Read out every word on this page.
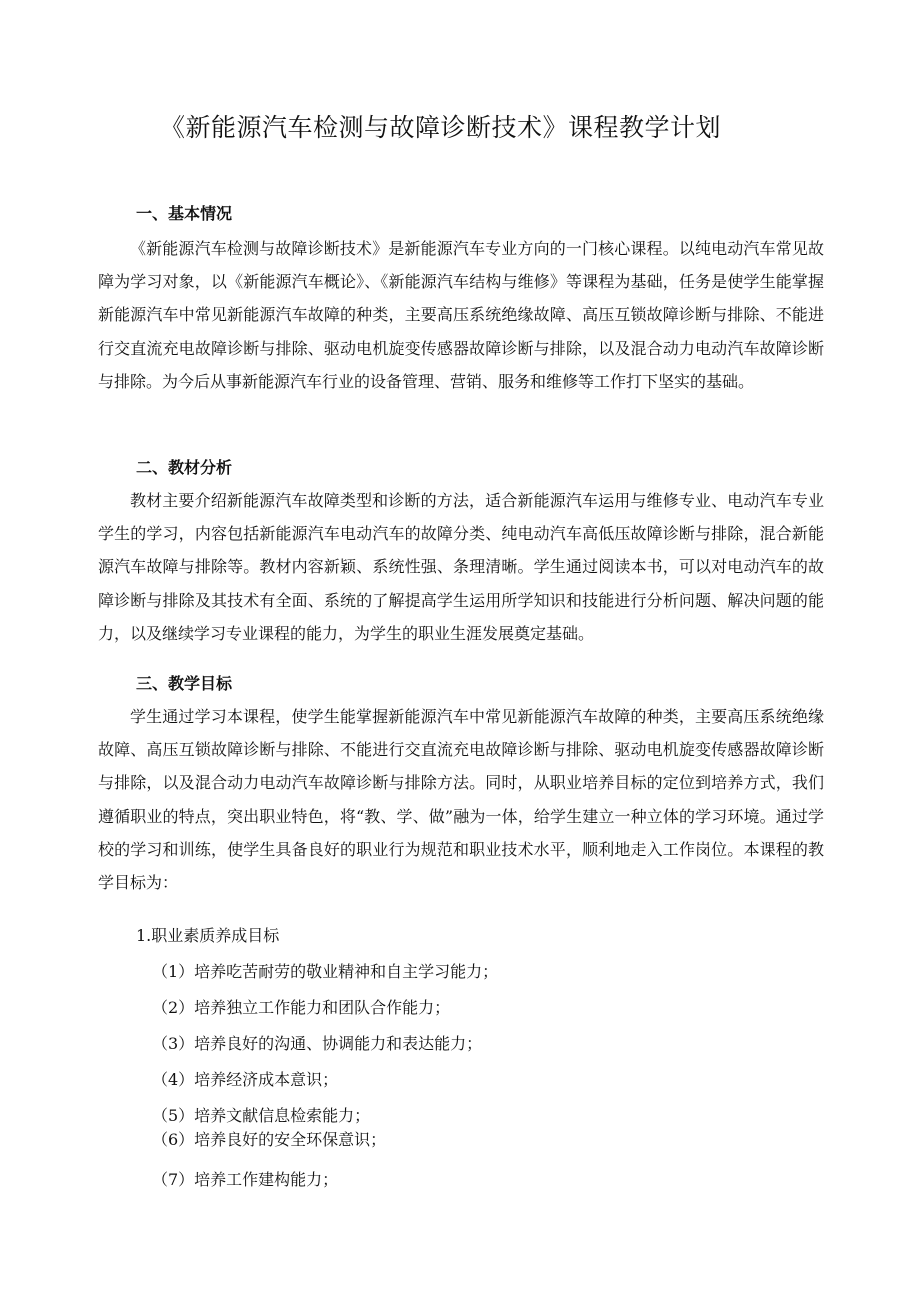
《新能源汽车检测与故障诊断技术》课程教学计划
一、基本情况

《新能源汽车检测与故障诊断技术》是新能源汽车专业方向的一门核心课程。以纯电动汽车常见故障为学习对象，以《新能源汽车概论》、《新能源汽车结构与维修》等课程为基础，任务是使学生能掌握新能源汽车中常见新能源汽车故障的种类，主要高压系统绝缘故障、高压互锁故障诊断与排除、不能进行交直流充电故障诊断与排除、驱动电机旋变传感器故障诊断与排除，以及混合动力电动汽车故障诊断与排除。为今后从事新能源汽车行业的设备管理、营销、服务和维修等工作打下坚实的基础。

二、教材分析

教材主要介绍新能源汽车故障类型和诊断的方法，适合新能源汽车运用与维修专业、电动汽车专业学生的学习，内容包括新能源汽车电动汽车的故障分类、纯电动汽车高低压故障诊断与排除，混合新能源汽车故障与排除等。教材内容新颖、系统性强、条理清晰。学生通过阅读本书，可以对电动汽车的故障诊断与排除及其技术有全面、系统的了解提高学生运用所学知识和技能进行分析问题、解决问题的能力，以及继续学习专业课程的能力，为学生的职业生涯发展奠定基础。

三、教学目标

学生通过学习本课程，使学生能掌握新能源汽车中常见新能源汽车故障的种类，主要高压系统绝缘故障、高压互锁故障诊断与排除、不能进行交直流充电故障诊断与排除、驱动电机旋变传感器故障诊断与排除，以及混合动力电动汽车故障诊断与排除方法。同时，从职业培养目标的定位到培养方式，我们遵循职业的特点，突出职业特色，将“教、学、做”融为一体，给学生建立一种立体的学习环境。通过学校的学习和训练，使学生具备良好的职业行为规范和职业技术水平，顺利地走入工作岗位。本课程的教学目标为：

1.职业素质养成目标
（1）培养吃苦耐劳的敬业精神和自主学习能力；
（2）培养独立工作能力和团队合作能力；
（3）培养良好的沟通、协调能力和表达能力；
（4）培养经济成本意识；
（5）培养文献信息检索能力；
（6）培养良好的安全环保意识；
（7）培养工作建构能力；
